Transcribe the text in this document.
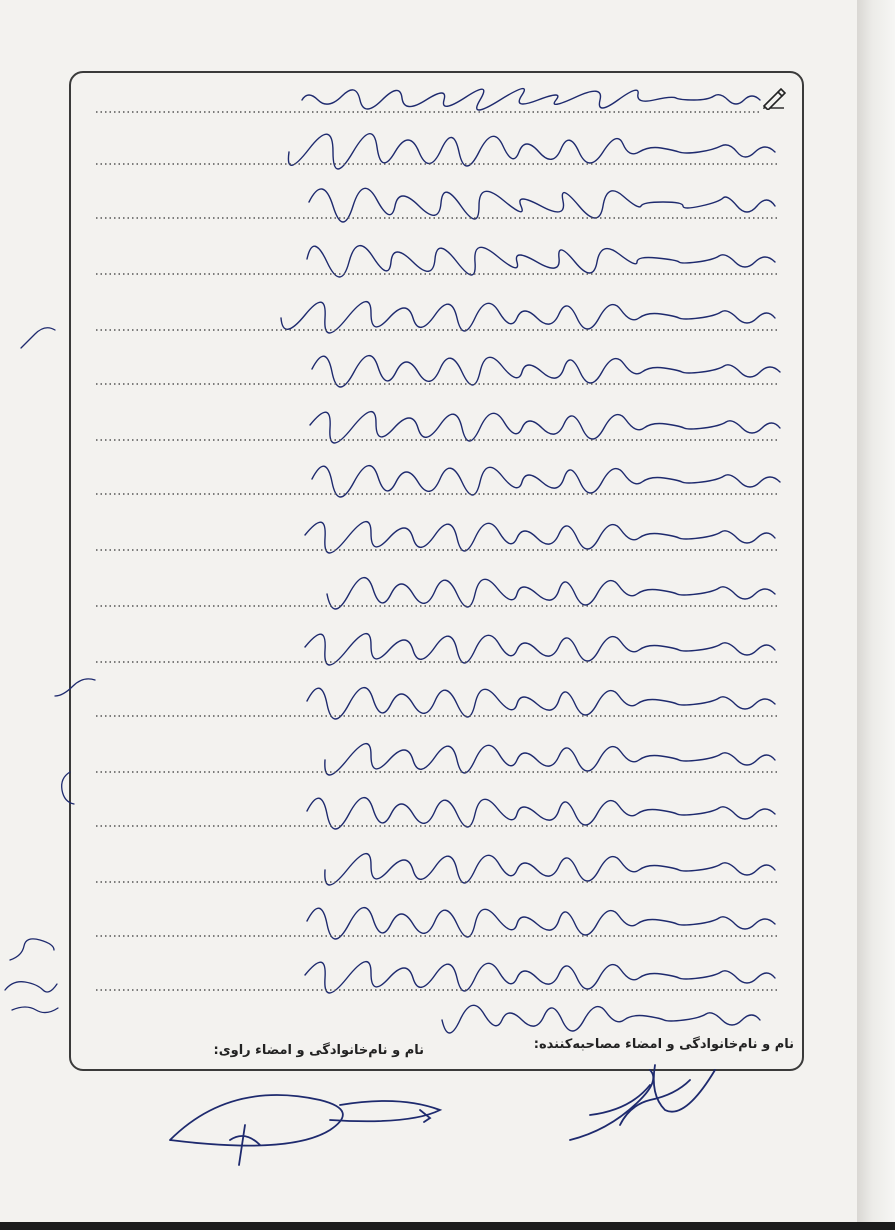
نام و نام‌خانوادگی و امضاء مصاحبه‌کننده:
نام و نام‌خانوادگی و امضاء راوی:
